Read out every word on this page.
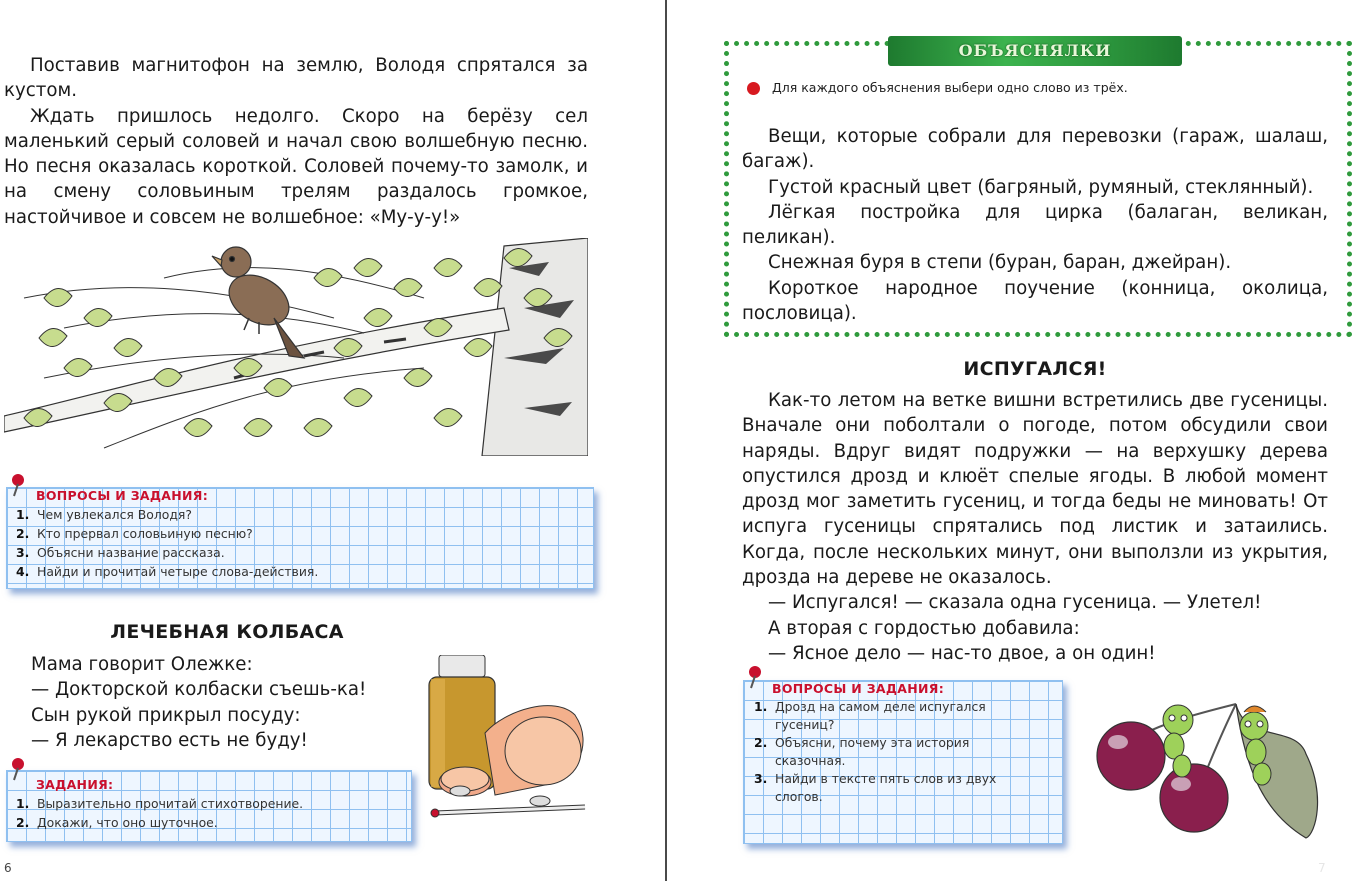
Поставив магнитофон на землю, Володя спрятался за кустом.

Ждать пришлось недолго. Скоро на берёзу сел маленький серый соловей и начал свою волшебную песню. Но песня оказалась короткой. Соловей почему-то замолк, и на смену соловьиным трелям раздалось громкое, настойчивое и совсем не волшебное: «Му-у-у!»

ВОПРОСЫ И ЗАДАНИЯ:
1. Чем увлекался Володя?
2. Кто прервал соловьиную песню?
3. Объясни название рассказа.
4. Найди и прочитай четыре слова-действия.
ЛЕЧЕБНАЯ КОЛБАСА

Мама говорит Олежке:

— Докторской колбаски съешь-ка!

Сын рукой прикрыл посуду:

— Я лекарство есть не буду!

ЗАДАНИЯ:
1. Выразительно прочитай стихотворение.
2. Докажи, что оно шуточное.
6
ОБЪЯСНЯЛКИ
Для каждого объяснения выбери одно слово из трёх.

Вещи, которые собрали для перевозки (гараж, шалаш, багаж).

Густой красный цвет (багряный, румяный, стеклянный).

Лёгкая постройка для цирка (балаган, великан, пеликан).

Снежная буря в степи (буран, баран, джейран).

Короткое народное поучение (конница, околица, пословица).

ИСПУГАЛСЯ!

Как-то летом на ветке вишни встретились две гусеницы. Вначале они поболтали о погоде, потом обсудили свои наряды. Вдруг видят подружки — на верхушку дерева опустился дрозд и клюёт спелые ягоды. В любой момент дрозд мог заметить гусениц, и тогда беды не миновать! От испуга гусеницы спрятались под листик и затаились. Когда, после нескольких минут, они выползли из укрытия, дрозда на дереве не оказалось.

— Испугался! — сказала одна гусеница. — Улетел!

А вторая с гордостью добавила:

— Ясное дело — нас-то двое, а он один!

ВОПРОСЫ И ЗАДАНИЯ:
1. Дрозд на самом деле испугался
гусениц?
2. Объясни, почему эта история
сказочная.
3. Найди в тексте пять слов из двух
слогов.
7
